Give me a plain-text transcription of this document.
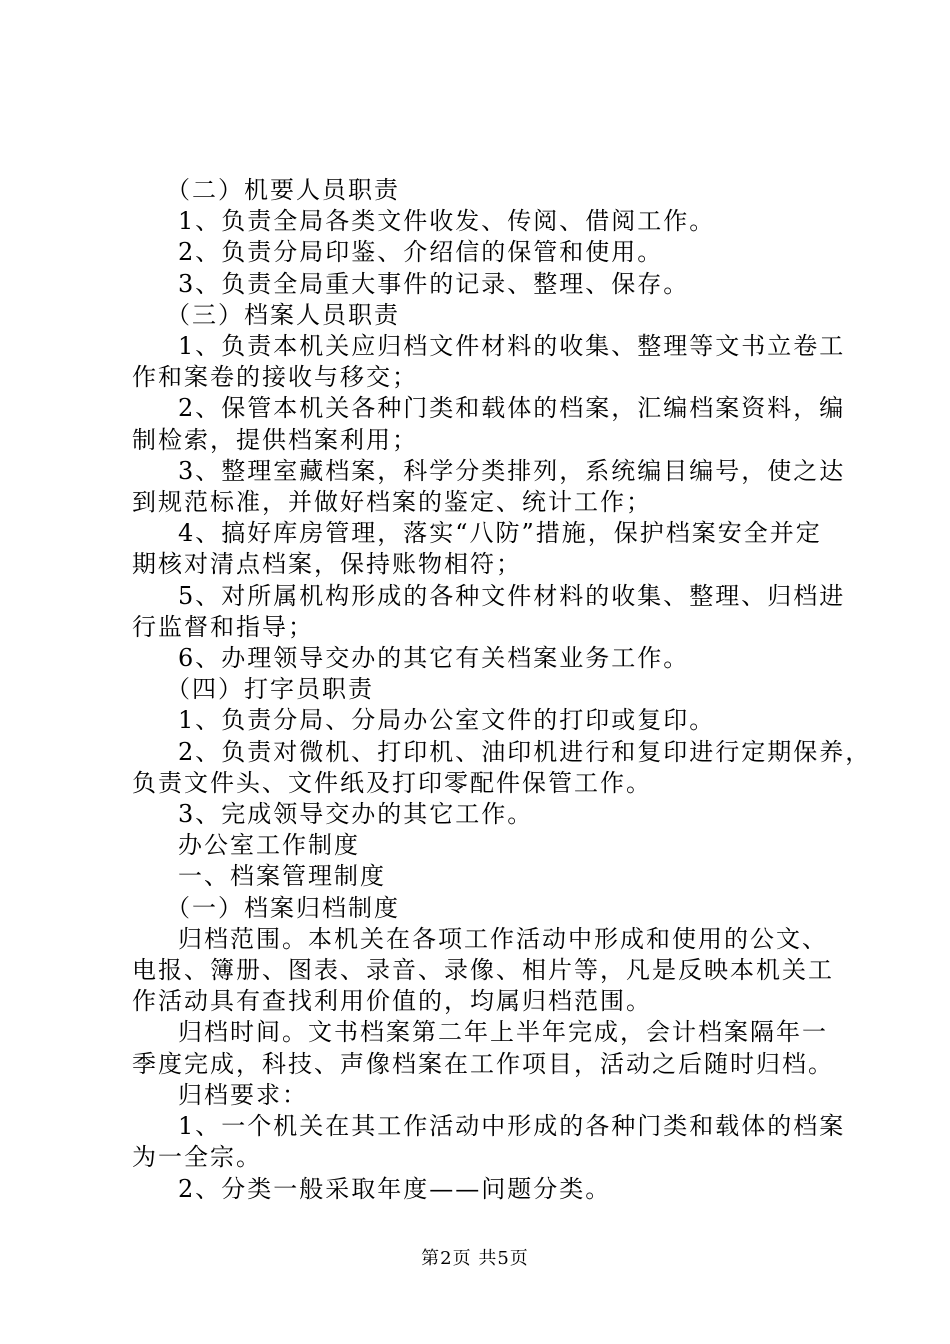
（二）机要人员职责
1、负责全局各类文件收发、传阅、借阅工作。
2、负责分局印鉴、介绍信的保管和使用。
3、负责全局重大事件的记录、整理、保存。
（三）档案人员职责
1、负责本机关应归档文件材料的收集、整理等文书立卷工
作和案卷的接收与移交；
2、保管本机关各种门类和载体的档案，汇编档案资料，编
制检索，提供档案利用；
3、整理室藏档案，科学分类排列，系统编目编号，使之达
到规范标准，并做好档案的鉴定、统计工作；
4、搞好库房管理，落实“八防”措施，保护档案安全并定
期核对清点档案，保持账物相符；
5、对所属机构形成的各种文件材料的收集、整理、归档进
行监督和指导；
6、办理领导交办的其它有关档案业务工作。
（四）打字员职责
1、负责分局、分局办公室文件的打印或复印。
2、负责对微机、打印机、油印机进行和复印进行定期保养，
负责文件头、文件纸及打印零配件保管工作。
3、完成领导交办的其它工作。
办公室工作制度
一、档案管理制度
（一）档案归档制度
归档范围。本机关在各项工作活动中形成和使用的公文、
电报、簿册、图表、录音、录像、相片等，凡是反映本机关工
作活动具有查找利用价值的，均属归档范围。
归档时间。文书档案第二年上半年完成，会计档案隔年一
季度完成，科技、声像档案在工作项目，活动之后随时归档。
归档要求：
1、一个机关在其工作活动中形成的各种门类和载体的档案
为一全宗。
2、分类一般采取年度——问题分类。
第2页 共5页
